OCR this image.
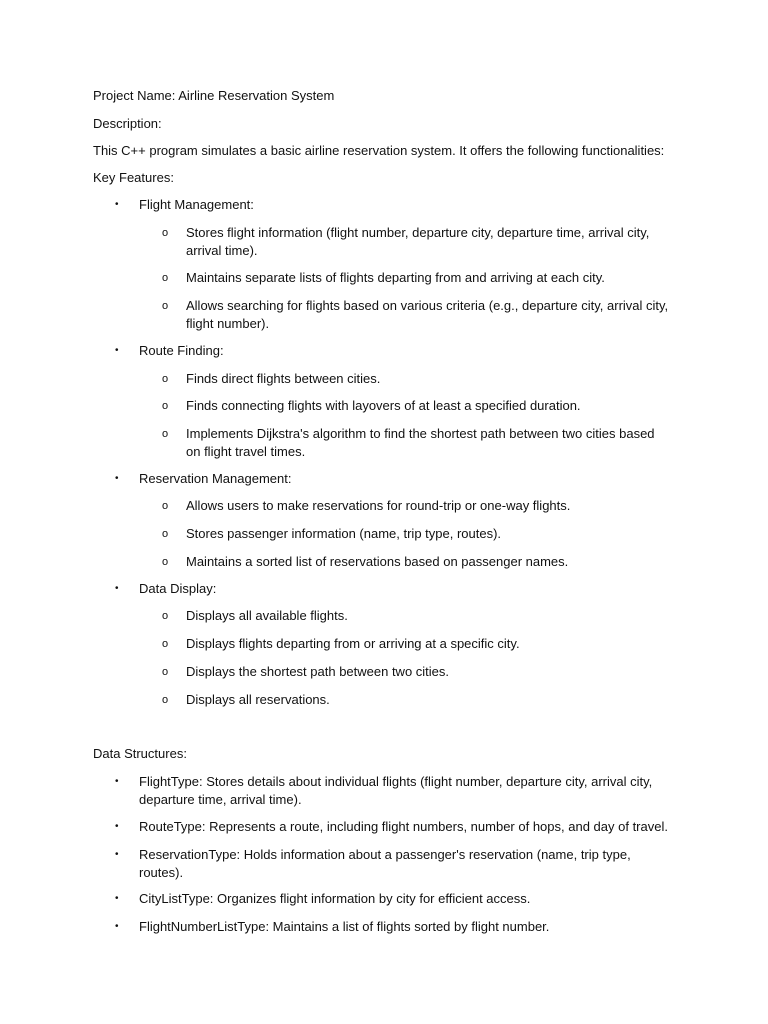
Project Name: Airline Reservation System

Description:

This C++ program simulates a basic airline reservation system. It offers the following functionalities:

Key Features:

• Flight Management:
o Stores flight information (flight number, departure city, departure time, arrival city, arrival time).
o Maintains separate lists of flights departing from and arriving at each city.
o Allows searching for flights based on various criteria (e.g., departure city, arrival city, flight number).
• Route Finding:
o Finds direct flights between cities.
o Finds connecting flights with layovers of at least a specified duration.
o Implements Dijkstra's algorithm to find the shortest path between two cities based on flight travel times.
• Reservation Management:
o Allows users to make reservations for round-trip or one-way flights.
o Stores passenger information (name, trip type, routes).
o Maintains a sorted list of reservations based on passenger names.
• Data Display:
o Displays all available flights.
o Displays flights departing from or arriving at a specific city.
o Displays the shortest path between two cities.
o Displays all reservations.

Data Structures:

• FlightType: Stores details about individual flights (flight number, departure city, arrival city, departure time, arrival time).
• RouteType: Represents a route, including flight numbers, number of hops, and day of travel.
• ReservationType: Holds information about a passenger's reservation (name, trip type, routes).
• CityListType: Organizes flight information by city for efficient access.
• FlightNumberListType: Maintains a list of flights sorted by flight number.
